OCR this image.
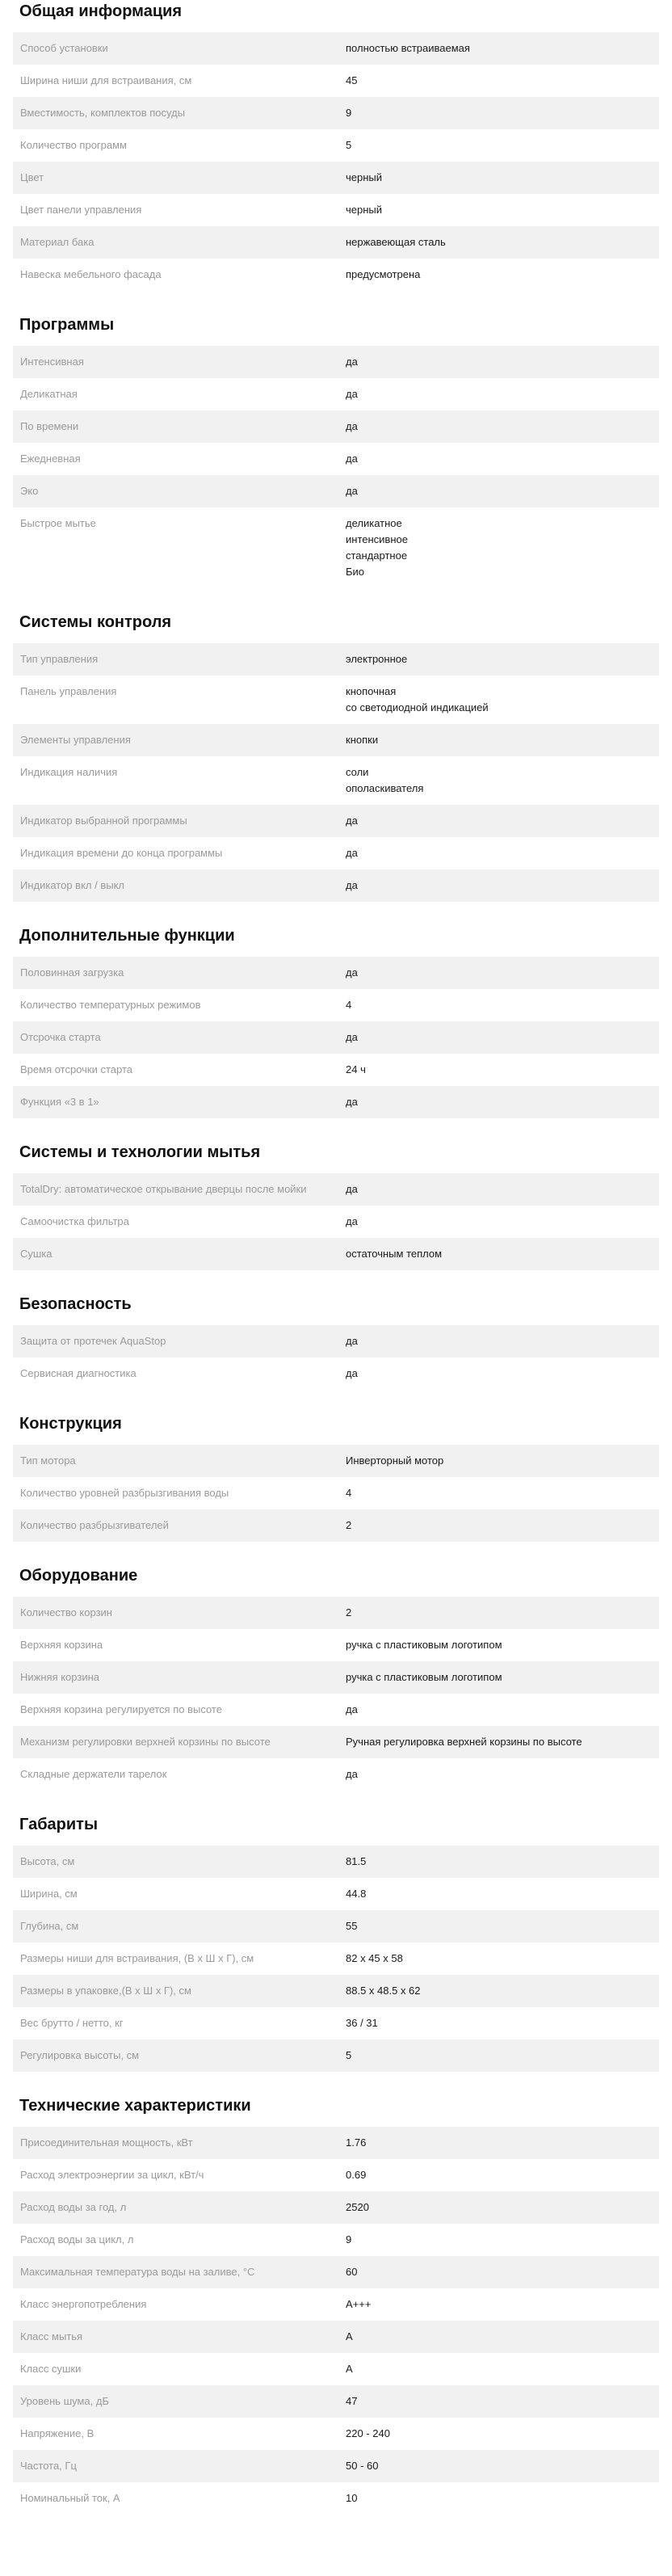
Общая информация
Способ установки	полностью встраиваемая
Ширина ниши для встраивания, см	45
Вместимость, комплектов посуды	9
Количество программ	5
Цвет	черный
Цвет панели управления	черный
Материал бака	нержавеющая сталь
Навеска мебельного фасада	предусмотрена
Программы
Интенсивная	да
Деликатная	да
По времени	да
Ежедневная	да
Эко	да
Быстрое мытье	деликатное
интенсивное
стандартное
Био
Системы контроля
Тип управления	электронное
Панель управления	кнопочная
со светодиодной индикацией
Элементы управления	кнопки
Индикация наличия	соли
ополаскивателя
Индикатор выбранной программы	да
Индикация времени до конца программы	да
Индикатор вкл / выкл	да
Дополнительные функции
Половинная загрузка	да
Количество температурных режимов	4
Отсрочка старта	да
Время отсрочки старта	24 ч
Функция «3 в 1»	да
Системы и технологии мытья
TotalDry: автоматическое открывание дверцы после мойки	да
Самоочистка фильтра	да
Сушка	остаточным теплом
Безопасность
Защита от протечек AquaStop	да
Сервисная диагностика	да
Конструкция
Тип мотора	Инверторный мотор
Количество уровней разбрызгивания воды	4
Количество разбрызгивателей	2
Оборудование
Количество корзин	2
Верхняя корзина	ручка с пластиковым логотипом
Нижняя корзина	ручка с пластиковым логотипом
Верхняя корзина регулируется по высоте	да
Механизм регулировки верхней корзины по высоте	Ручная регулировка верхней корзины по высоте
Складные держатели тарелок	да
Габариты
Высота, см	81.5
Ширина, см	44.8
Глубина, см	55
Размеры ниши для встраивания, (В х Ш х Г), см	82 х 45 х 58
Размеры в упаковке,(В х Ш х Г), см	88.5 х 48.5 х 62
Вес брутто / нетто, кг	36 / 31
Регулировка высоты, см	5
Технические характеристики
Присоединительная мощность, кВт	1.76
Расход электроэнергии за цикл, кВт/ч	0.69
Расход воды за год, л	2520
Расход воды за цикл, л	9
Максимальная температура воды на заливе, °С	60
Класс энергопотребления	A+++
Класс мытья	A
Класс сушки	A
Уровень шума, дБ	47
Напряжение, В	220 - 240
Частота, Гц	50 - 60
Номинальный ток, А	10
